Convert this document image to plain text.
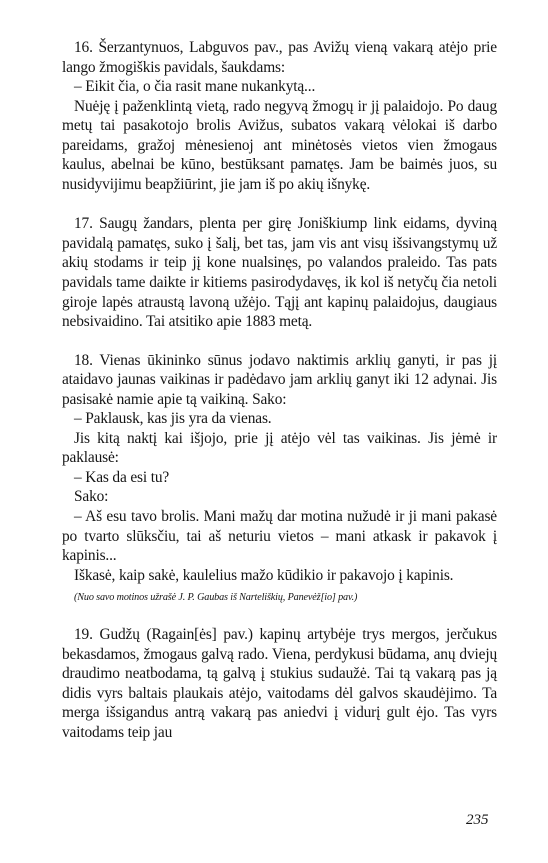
16. Šerzantynuos, Labguvos pav., pas Avižų vieną vakarą atėjo prie lango žmogiškis pavidals, šaukdams:

– Eikit čia, o čia rasit mane nukankytą...

Nuėję į paženklintą vietą, rado negyvą žmogų ir jį palaidojo. Po daug metų tai pasakotojo brolis Avižus, subatos vakarą vėlokai iš darbo pareidams, gražoj mėnesienoj ant minėtosės vietos vien žmogaus kaulus, abelnai be kūno, bestūksant pamatęs. Jam be baimės juos, su nusidyvijimu beapžiūrint, jie jam iš po akių išnykę.

17. Saugų žandars, plenta per girę Joniškiump link eidams, dyviną pavidalą pamatęs, suko į šalį, bet tas, jam vis ant visų išsivangstymų už akių stodams ir teip jį kone nualsinęs, po valandos praleido. Tas pats pavidals tame daikte ir kitiems pasirodydavęs, ik kol iš netyčų čia netoli giroje lapės atraustą lavoną užėjo. Tąjį ant kapinų palaidojus, daugiaus nebsivaidino. Tai atsitiko apie 1883 metą.

18. Vienas ūkininko sūnus jodavo naktimis arklių ganyti, ir pas jį ataidavo jaunas vaikinas ir padėdavo jam arklių ganyt iki 12 adynai. Jis pasisakė namie apie tą vaikiną. Sako:

– Paklausk, kas jis yra da vienas.

Jis kitą naktį kai išjojo, prie jį atėjo vėl tas vaikinas. Jis jėmė ir paklausė:

– Kas da esi tu?

Sako:

– Aš esu tavo brolis. Mani mažų dar motina nužudė ir ji mani pakasė po tvarto slūksčiu, tai aš neturiu vietos – mani atkask ir pakavok į kapinis...

Iškasė, kaip sakė, kaulelius mažo kūdikio ir pakavojo į kapinis.

(Nuo savo motinos užrašė J. P. Gaubas iš Narteliškių, Panevėž[io] pav.)

19. Gudžų (Ragain[ės] pav.) kapinų artybėje trys mergos, jerčukus bekasdamos, žmogaus galvą rado. Viena, perdykusi būdama, anų dviejų draudimo neatbodama, tą galvą į stukius sudaužė. Tai tą vakarą pas ją didis vyrs baltais plaukais atėjo, vaitodams dėl galvos skaudėjimo. Ta merga išsigandus antrą vakarą pas aniedvi į vidurį gult ėjo. Tas vyrs vaitodams teip jau

235
